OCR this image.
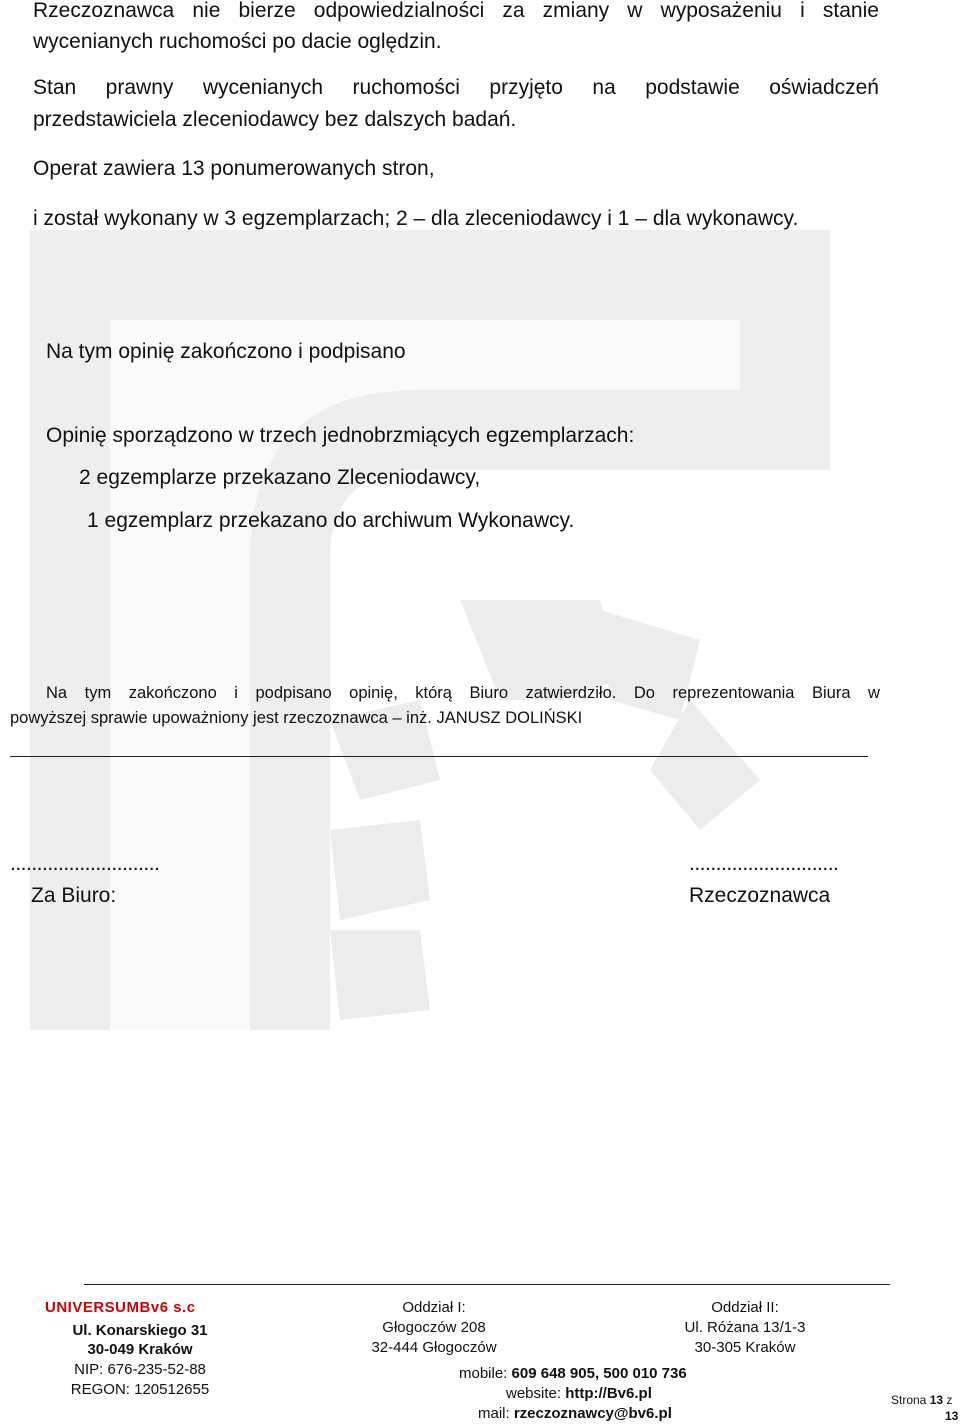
Rzeczoznawca nie bierze odpowiedzialności za zmiany w wyposażeniu i stanie
wycenianych ruchomości po dacie oględzin.
Stan prawny wycenianych ruchomości przyjęto na podstawie oświadczeń
przedstawiciela zleceniodawcy bez dalszych badań.
Operat zawiera 13 ponumerowanych stron,
i został wykonany w 3 egzemplarzach; 2 – dla zleceniodawcy i 1 – dla wykonawcy.
Na tym opinię zakończono i podpisano
Opinię sporządzono w trzech jednobrzmiących egzemplarzach:
2 egzemplarze przekazano Zleceniodawcy,
1 egzemplarz przekazano do archiwum Wykonawcy.
Na tym zakończono i podpisano opinię, którą Biuro zatwierdziło. Do reprezentowania Biura w
powyższej sprawie upoważniony jest rzeczoznawca – inż. JANUSZ DOLIŃSKI
............................
Za Biuro:
............................
Rzeczoznawca
UNIVERSUMBv6 s.c
Ul. Konarskiego 31
30-049 Kraków
NIP: 676-235-52-88
REGON: 120512655
Oddział I:
Głogoczów 208
32-444 Głogoczów
Oddział II:
Ul. Różana 13/1-3
30-305 Kraków
mobile: 609 648 905, 500 010 736
website: http://Bv6.pl
mail: rzeczoznawcy@bv6.pl
Strona 13 z
13
